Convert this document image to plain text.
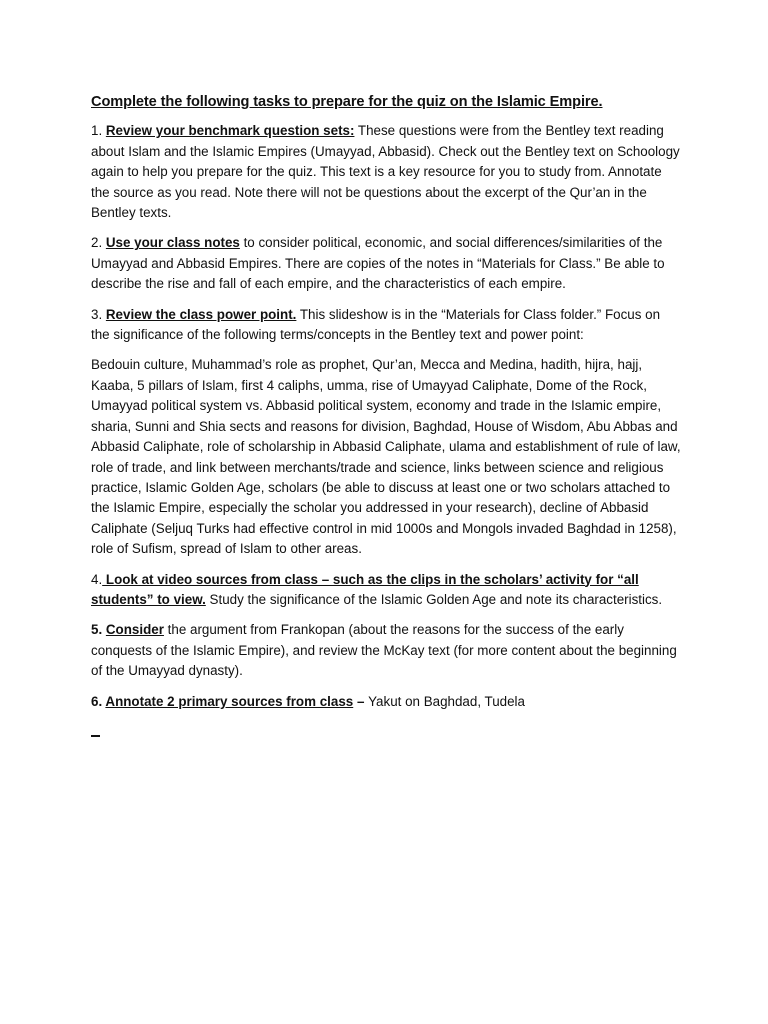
Complete the following tasks to prepare for the quiz on the Islamic Empire.

1. Review your benchmark question sets: These questions were from the Bentley text reading about Islam and the Islamic Empires (Umayyad, Abbasid). Check out the Bentley text on Schoology again to help you prepare for the quiz. This text is a key resource for you to study from. Annotate the source as you read. Note there will not be questions about the excerpt of the Qur’an in the Bentley texts.

2. Use your class notes to consider political, economic, and social differences/similarities of the Umayyad and Abbasid Empires. There are copies of the notes in “Materials for Class.” Be able to describe the rise and fall of each empire, and the characteristics of each empire.

3. Review the class power point. This slideshow is in the “Materials for Class folder.” Focus on the significance of the following terms/concepts in the Bentley text and power point:

Bedouin culture, Muhammad’s role as prophet, Qur’an, Mecca and Medina, hadith, hijra, hajj, Kaaba, 5 pillars of Islam, first 4 caliphs, umma, rise of Umayyad Caliphate, Dome of the Rock, Umayyad political system vs. Abbasid political system, economy and trade in the Islamic empire, sharia, Sunni and Shia sects and reasons for division, Baghdad, House of Wisdom, Abu Abbas and Abbasid Caliphate, role of scholarship in Abbasid Caliphate, ulama and establishment of rule of law, role of trade, and link between merchants/trade and science, links between science and religious practice, Islamic Golden Age, scholars (be able to discuss at least one or two scholars attached to the Islamic Empire, especially the scholar you addressed in your research), decline of Abbasid Caliphate (Seljuq Turks had effective control in mid 1000s and Mongols invaded Baghdad in 1258), role of Sufism, spread of Islam to other areas.

4. Look at video sources from class – such as the clips in the scholars’ activity for “all students” to view. Study the significance of the Islamic Golden Age and note its characteristics.

5. Consider the argument from Frankopan (about the reasons for the success of the early conquests of the Islamic Empire), and review the McKay text (for more content about the beginning of the Umayyad dynasty).

6. Annotate 2 primary sources from class – Yakut on Baghdad, Tudela
